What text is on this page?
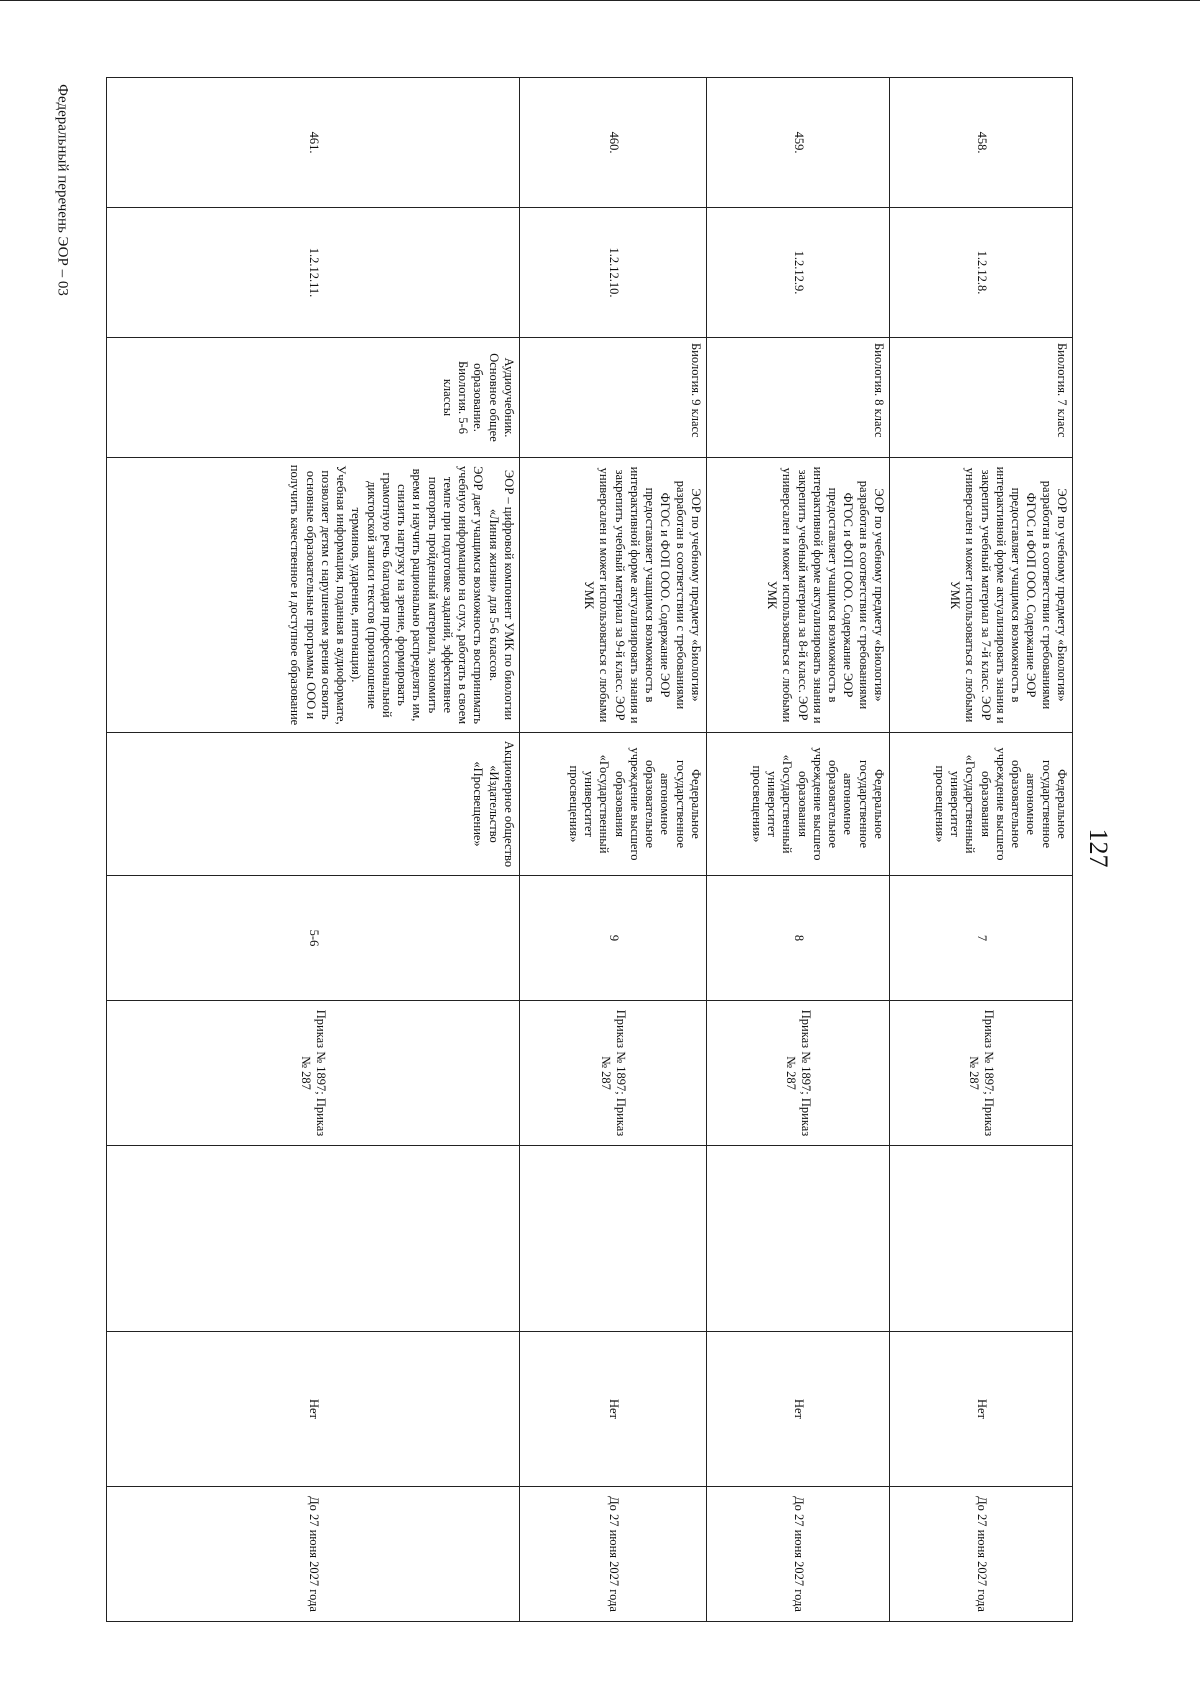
127
Федеральный перечень ЭОР – 03	458.	1.2.12.8.	Биология. 7 класс	ЭОР по учебному предмету «Биология» разработан в соответствии с требованиями ФГОС и ФОП ООО. Содержание ЭОР предоставляет учащимся возможность в интерактивной форме актуализировать знания и закрепить учебный материал за 7-й класс. ЭОР универсален и может использоваться с любыми УМК	Федеральное государственное автономное образовательное учреждение высшего образования «Государственный университет просвещения»	7	Приказ № 1897; Приказ № 287		Нет	До 27 июня 2027 года
459.	1.2.12.9.	Биология. 8 класс	ЭОР по учебному предмету «Биология» разработан в соответствии с требованиями ФГОС и ФОП ООО. Содержание ЭОР предоставляет учащимся возможность в интерактивной форме актуализировать знания и закрепить учебный материал за 8-й класс. ЭОР универсален и может использоваться с любыми УМК	Федеральное государственное автономное образовательное учреждение высшего образования «Государственный университет просвещения»	8	Приказ № 1897; Приказ № 287		Нет	До 27 июня 2027 года
460.	1.2.12.10.	Биология. 9 класс	ЭОР по учебному предмету «Биология» разработан в соответствии с требованиями ФГОС и ФОП ООО. Содержание ЭОР предоставляет учащимся возможность в интерактивной форме актуализировать знания и закрепить учебный материал за 9-й класс. ЭОР универсален и может использоваться с любыми УМК	Федеральное государственное автономное образовательное учреждение высшего образования «Государственный университет просвещения»	9	Приказ № 1897; Приказ № 287		Нет	До 27 июня 2027 года
461.	1.2.12.11.	Аудиоучебник. Основное общее образование. Биология. 5-6 классы	ЭОР – цифровой компонент УМК по биологии «Линия жизни» для 5-6 классов.
ЭОР дает учащимся возможность воспринимать учебную информацию на слух, работать в своем темпе при подготовке заданий, эффективнее повторять пройденный материал, экономить время и научить рационально распределять им, снизить нагрузку на зрение, формировать грамотную речь благодаря профессиональной дикторской записи текстов (произношение терминов, ударение, интонация).
Учебная информация, поданная в аудиоформате, позволяет детям с нарушением зрения освоить основные образовательные программы ООО и получить качественное и доступное образование	Акционерное общество «Издательство «Просвещение»	5-6	Приказ № 1897; Приказ № 287		Нет	До 27 июня 2027 года
